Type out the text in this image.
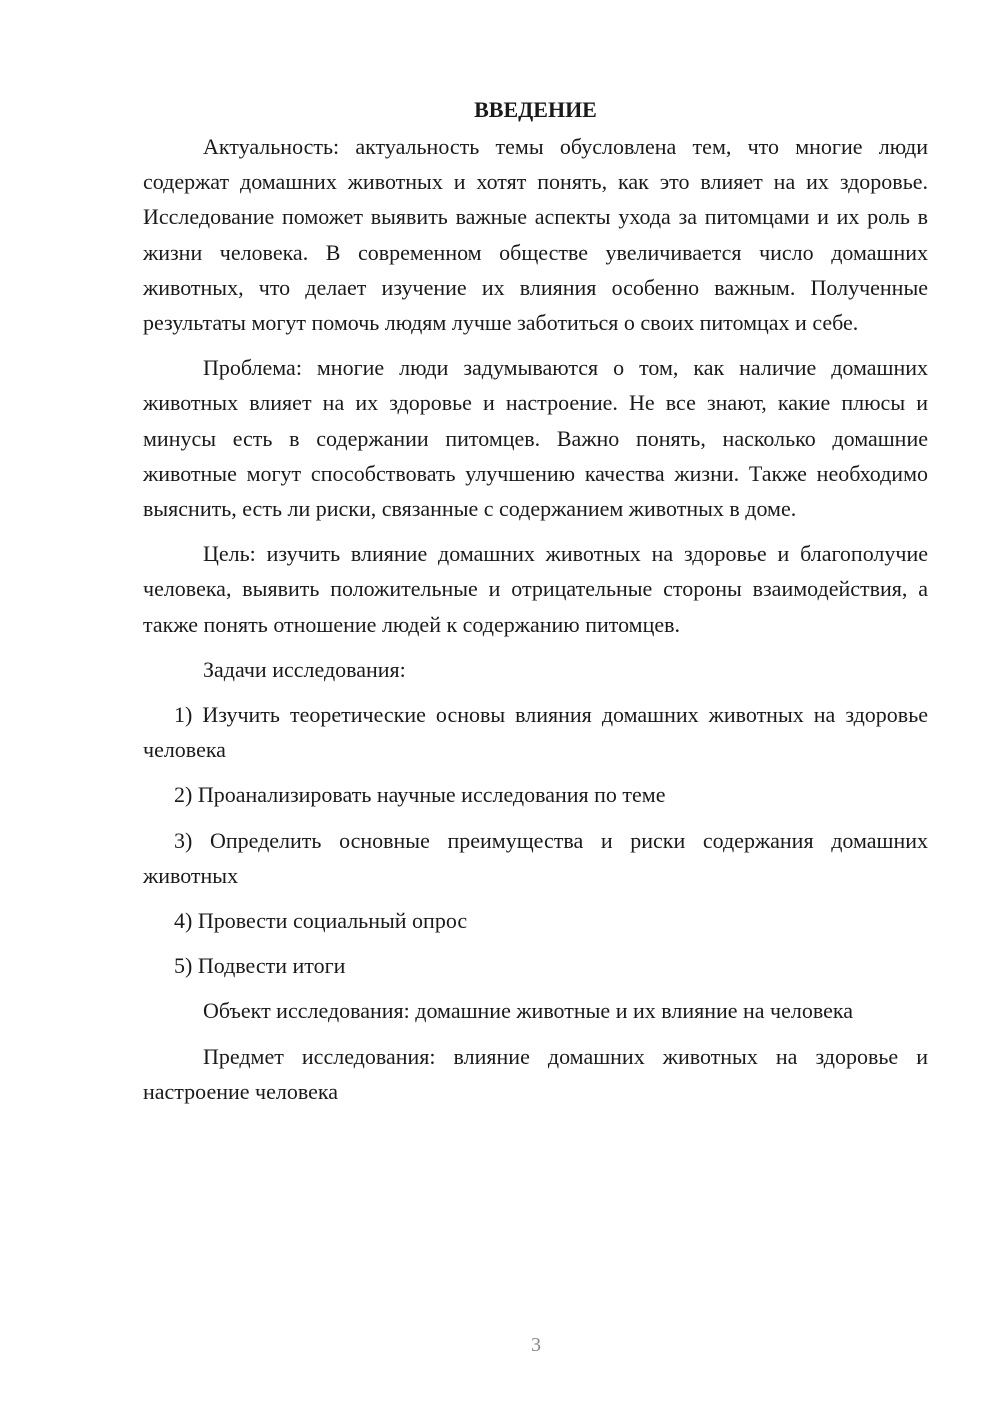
ВВЕДЕНИЕ

Актуальность: актуальность темы обусловлена тем, что многие люди содержат домашних животных и хотят понять, как это влияет на их здоровье. Исследование поможет выявить важные аспекты ухода за питомцами и их роль в жизни человека. В современном обществе увеличивается число домашних животных, что делает изучение их влияния особенно важным. Полученные результаты могут помочь людям лучше заботиться о своих питомцах и себе.

Проблема: многие люди задумываются о том, как наличие домашних животных влияет на их здоровье и настроение. Не все знают, какие плюсы и минусы есть в содержании питомцев. Важно понять, насколько домашние животные могут способствовать улучшению качества жизни. Также необходимо выяснить, есть ли риски, связанные с содержанием животных в доме.

Цель: изучить влияние домашних животных на здоровье и благополучие человека, выявить положительные и отрицательные стороны взаимодействия, а также понять отношение людей к содержанию питомцев.

Задачи исследования:

1) Изучить теоретические основы влияния домашних животных на здоровье человека

2) Проанализировать научные исследования по теме

3) Определить основные преимущества и риски содержания домашних животных

4) Провести социальный опрос

5) Подвести итоги

Объект исследования: домашние животные и их влияние на человека

Предмет исследования: влияние домашних животных на здоровье и настроение человека

3
